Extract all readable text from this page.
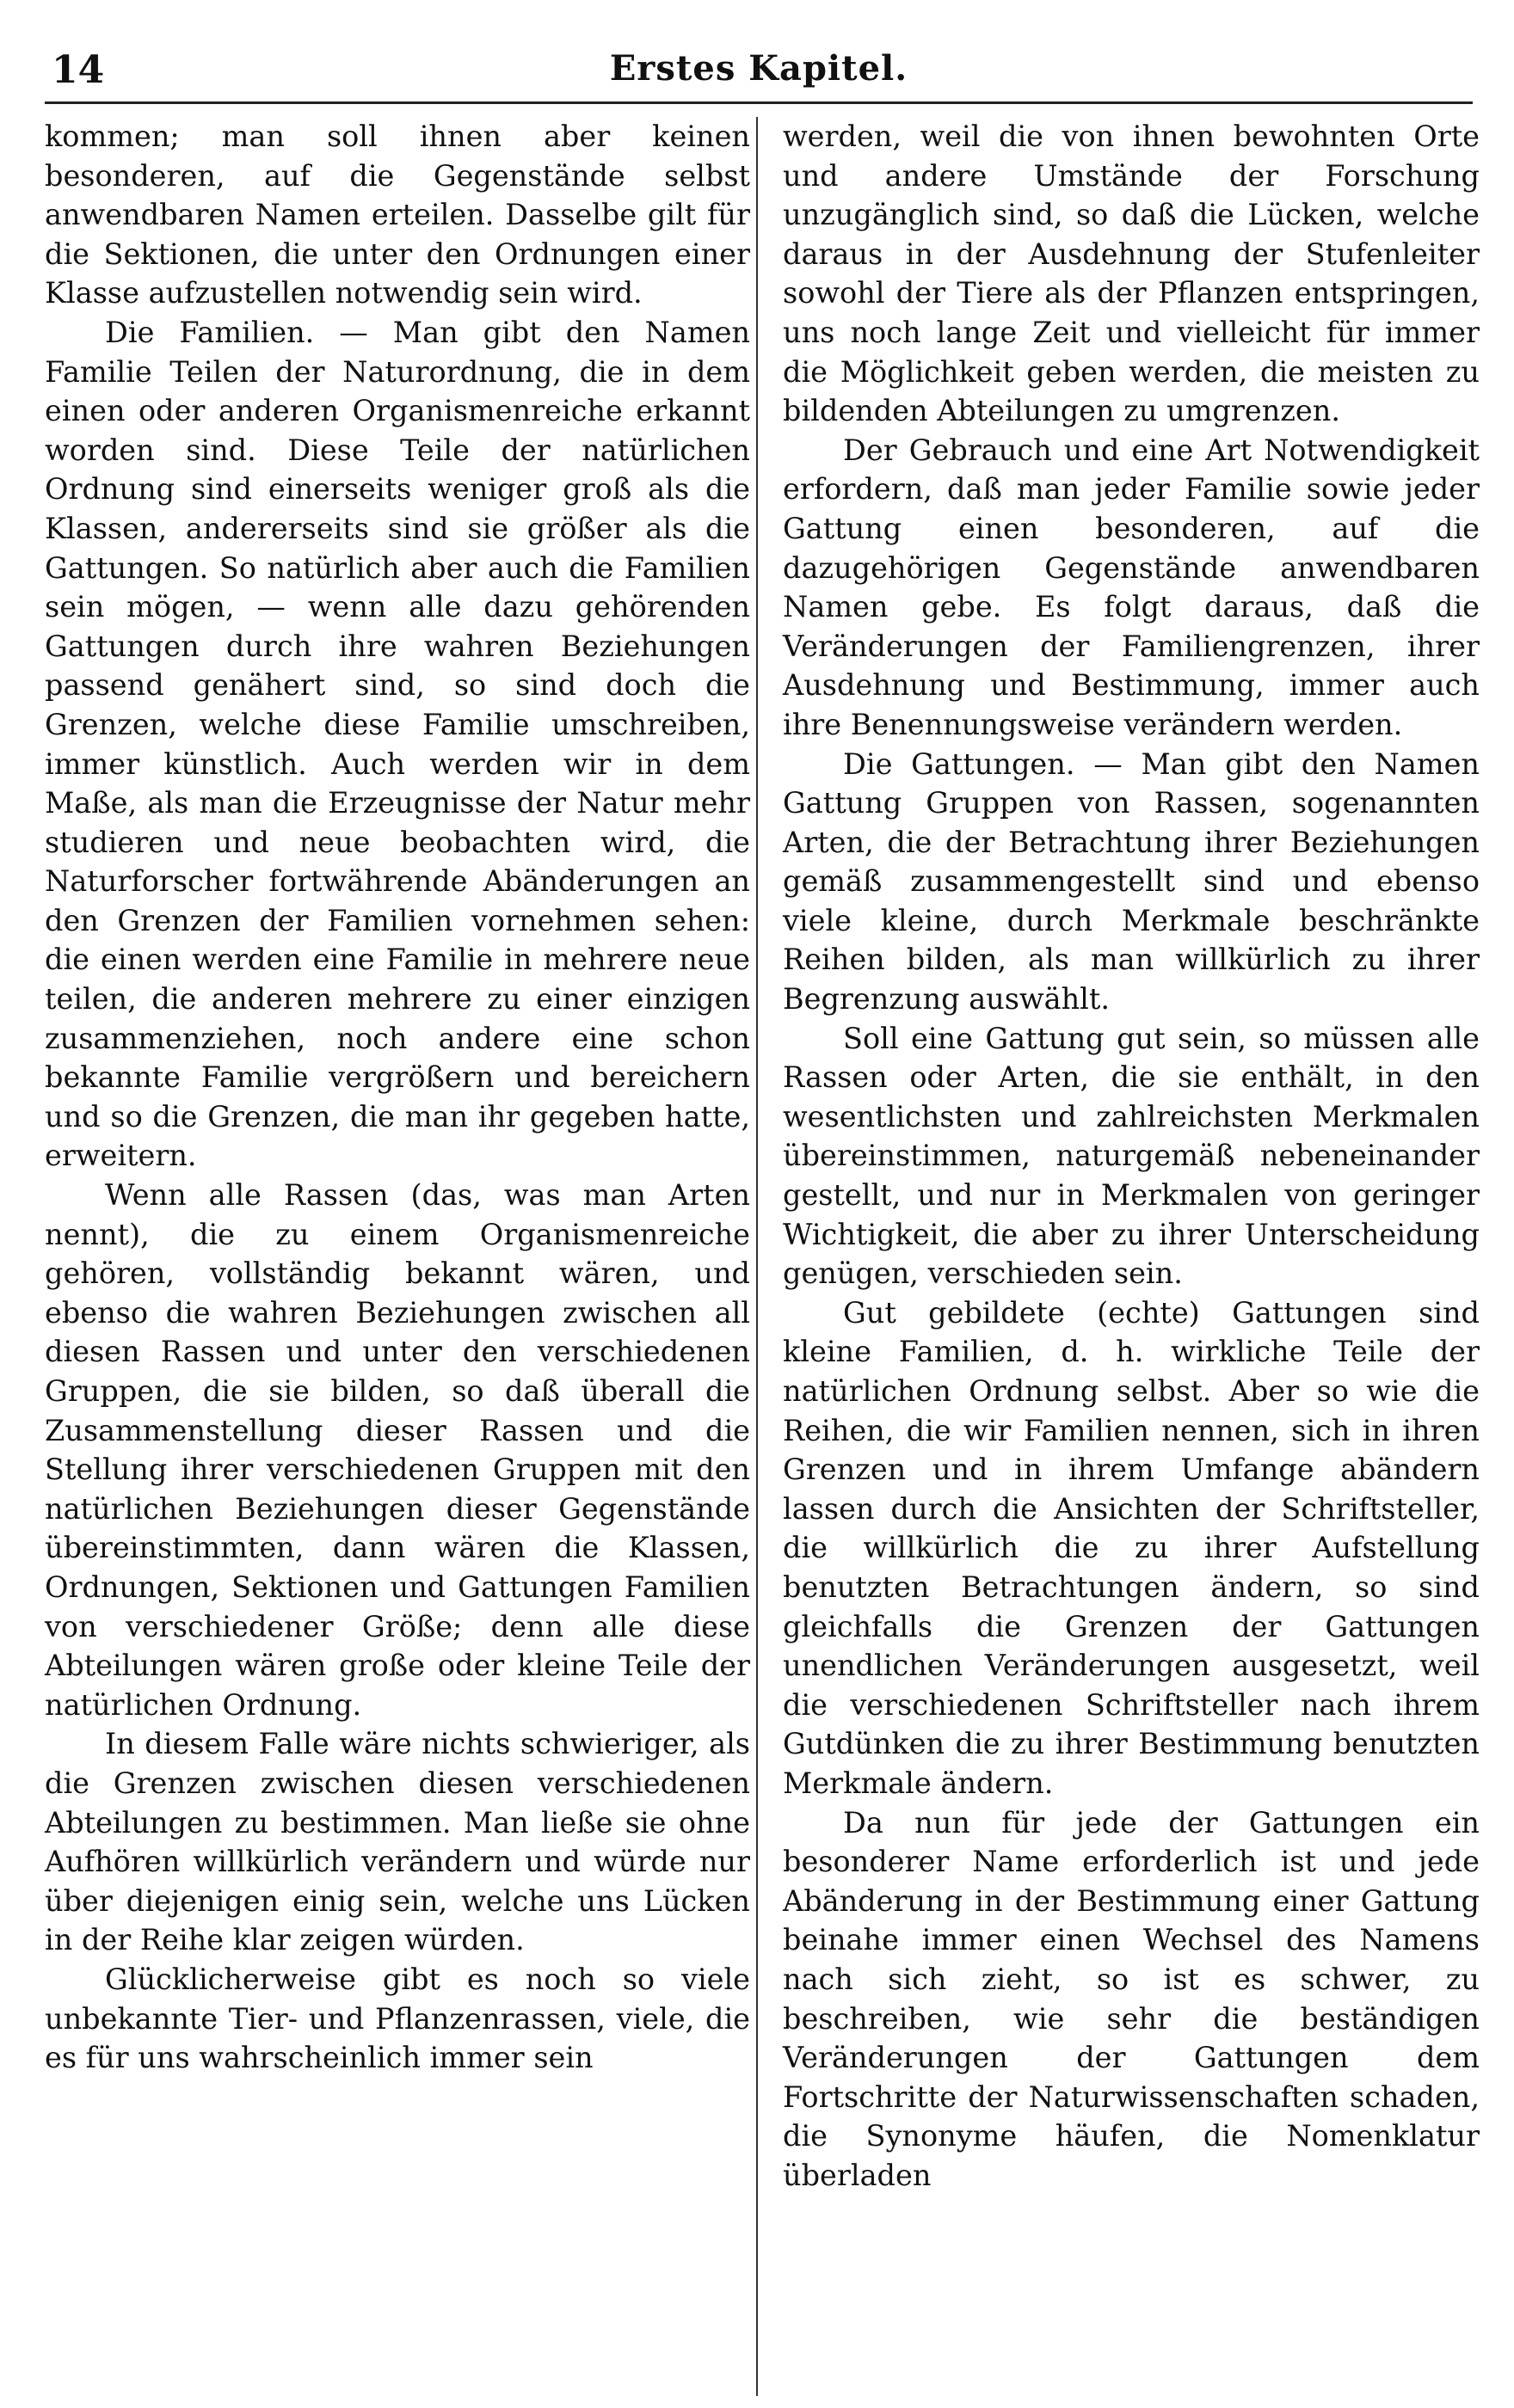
14	Erstes Kapitel.

kommen; man soll ihnen aber keinen besonderen, auf die Gegenstände selbst anwendbaren Namen erteilen. Dasselbe gilt für die Sektionen, die unter den Ordnungen einer Klasse aufzustellen notwendig sein wird.

Die Familien. — Man gibt den Namen Familie Teilen der Naturordnung, die in dem einen oder anderen Organismenreiche erkannt worden sind. Diese Teile der natürlichen Ordnung sind einerseits weniger groß als die Klassen, andererseits sind sie größer als die Gattungen. So natürlich aber auch die Familien sein mögen, — wenn alle dazu gehörenden Gattungen durch ihre wahren Beziehungen passend genähert sind, so sind doch die Grenzen, welche diese Familie umschreiben, immer künstlich. Auch werden wir in dem Maße, als man die Erzeugnisse der Natur mehr studieren und neue beobachten wird, die Naturforscher fortwährende Abänderungen an den Grenzen der Familien vornehmen sehen: die einen werden eine Familie in mehrere neue teilen, die anderen mehrere zu einer einzigen zusammenziehen, noch andere eine schon bekannte Familie vergrößern und bereichern und so die Grenzen, die man ihr gegeben hatte, erweitern.

Wenn alle Rassen (das, was man Arten nennt), die zu einem Organismenreiche gehören, vollständig bekannt wären, und ebenso die wahren Beziehungen zwischen all diesen Rassen und unter den verschiedenen Gruppen, die sie bilden, so daß überall die Zusammenstellung dieser Rassen und die Stellung ihrer verschiedenen Gruppen mit den natürlichen Beziehungen dieser Gegenstände übereinstimmten, dann wären die Klassen, Ordnungen, Sektionen und Gattungen Familien von verschiedener Größe; denn alle diese Abteilungen wären große oder kleine Teile der natürlichen Ordnung.

In diesem Falle wäre nichts schwieriger, als die Grenzen zwischen diesen verschiedenen Abteilungen zu bestimmen. Man ließe sie ohne Aufhören willkürlich verändern und würde nur über diejenigen einig sein, welche uns Lücken in der Reihe klar zeigen würden.

Glücklicherweise gibt es noch so viele unbekannte Tier- und Pflanzenrassen, viele, die es für uns wahrscheinlich immer sein

werden, weil die von ihnen bewohnten Orte und andere Umstände der Forschung unzugänglich sind, so daß die Lücken, welche daraus in der Ausdehnung der Stufenleiter sowohl der Tiere als der Pflanzen entspringen, uns noch lange Zeit und vielleicht für immer die Möglichkeit geben werden, die meisten zu bildenden Abteilungen zu umgrenzen.

Der Gebrauch und eine Art Notwendigkeit erfordern, daß man jeder Familie sowie jeder Gattung einen besonderen, auf die dazugehörigen Gegenstände anwendbaren Namen gebe. Es folgt daraus, daß die Veränderungen der Familiengrenzen, ihrer Ausdehnung und Bestimmung, immer auch ihre Benennungsweise verändern werden.

Die Gattungen. — Man gibt den Namen Gattung Gruppen von Rassen, sogenannten Arten, die der Betrachtung ihrer Beziehungen gemäß zusammengestellt sind und ebenso viele kleine, durch Merkmale beschränkte Reihen bilden, als man willkürlich zu ihrer Begrenzung auswählt.

Soll eine Gattung gut sein, so müssen alle Rassen oder Arten, die sie enthält, in den wesentlichsten und zahlreichsten Merkmalen übereinstimmen, naturgemäß nebeneinander gestellt, und nur in Merkmalen von geringer Wichtigkeit, die aber zu ihrer Unterscheidung genügen, verschieden sein.

Gut gebildete (echte) Gattungen sind kleine Familien, d. h. wirkliche Teile der natürlichen Ordnung selbst. Aber so wie die Reihen, die wir Familien nennen, sich in ihren Grenzen und in ihrem Umfange abändern lassen durch die Ansichten der Schriftsteller, die willkürlich die zu ihrer Aufstellung benutzten Betrachtungen ändern, so sind gleichfalls die Grenzen der Gattungen unendlichen Veränderungen ausgesetzt, weil die verschiedenen Schriftsteller nach ihrem Gutdünken die zu ihrer Bestimmung benutzten Merkmale ändern.

Da nun für jede der Gattungen ein besonderer Name erforderlich ist und jede Abänderung in der Bestimmung einer Gattung beinahe immer einen Wechsel des Namens nach sich zieht, so ist es schwer, zu beschreiben, wie sehr die beständigen Veränderungen der Gattungen dem Fortschritte der Naturwissenschaften schaden, die Synonyme häufen, die Nomenklatur überladen
